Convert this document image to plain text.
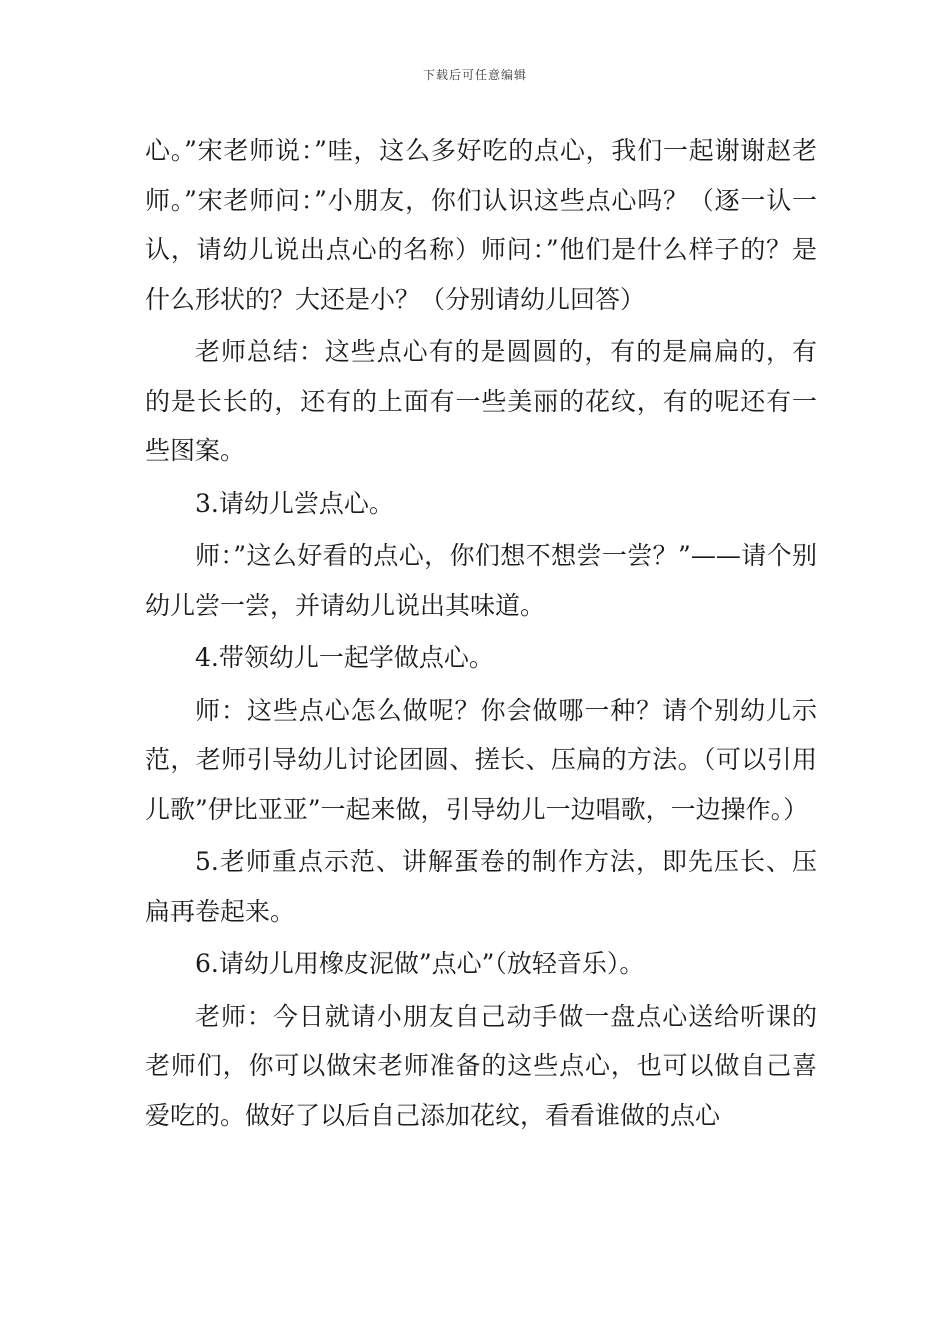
下载后可任意编辑

心。”宋老师说：”哇，这么多好吃的点心，我们一起谢谢赵老师。”宋老师问：”小朋友，你们认识这些点心吗？（逐一认一认，请幼儿说出点心的名称）师问：”他们是什么样子的？是什么形状的？大还是小？（分别请幼儿回答）

老师总结：这些点心有的是圆圆的，有的是扁扁的，有的是长长的，还有的上面有一些美丽的花纹，有的呢还有一些图案。

3.请幼儿尝点心。

师：”这么好看的点心，你们想不想尝一尝？”——请个别幼儿尝一尝，并请幼儿说出其味道。

4.带领幼儿一起学做点心。

师：这些点心怎么做呢？你会做哪一种？请个别幼儿示范，老师引导幼儿讨论团圆、搓长、压扁的方法。（可以引用儿歌”伊比亚亚”一起来做，引导幼儿一边唱歌，一边操作。）

5.老师重点示范、讲解蛋卷的制作方法，即先压长、压扁再卷起来。

6.请幼儿用橡皮泥做”点心”（放轻音乐）。

老师：今日就请小朋友自己动手做一盘点心送给听课的老师们，你可以做宋老师准备的这些点心，也可以做自己喜爱吃的。做好了以后自己添加花纹，看看谁做的点心
